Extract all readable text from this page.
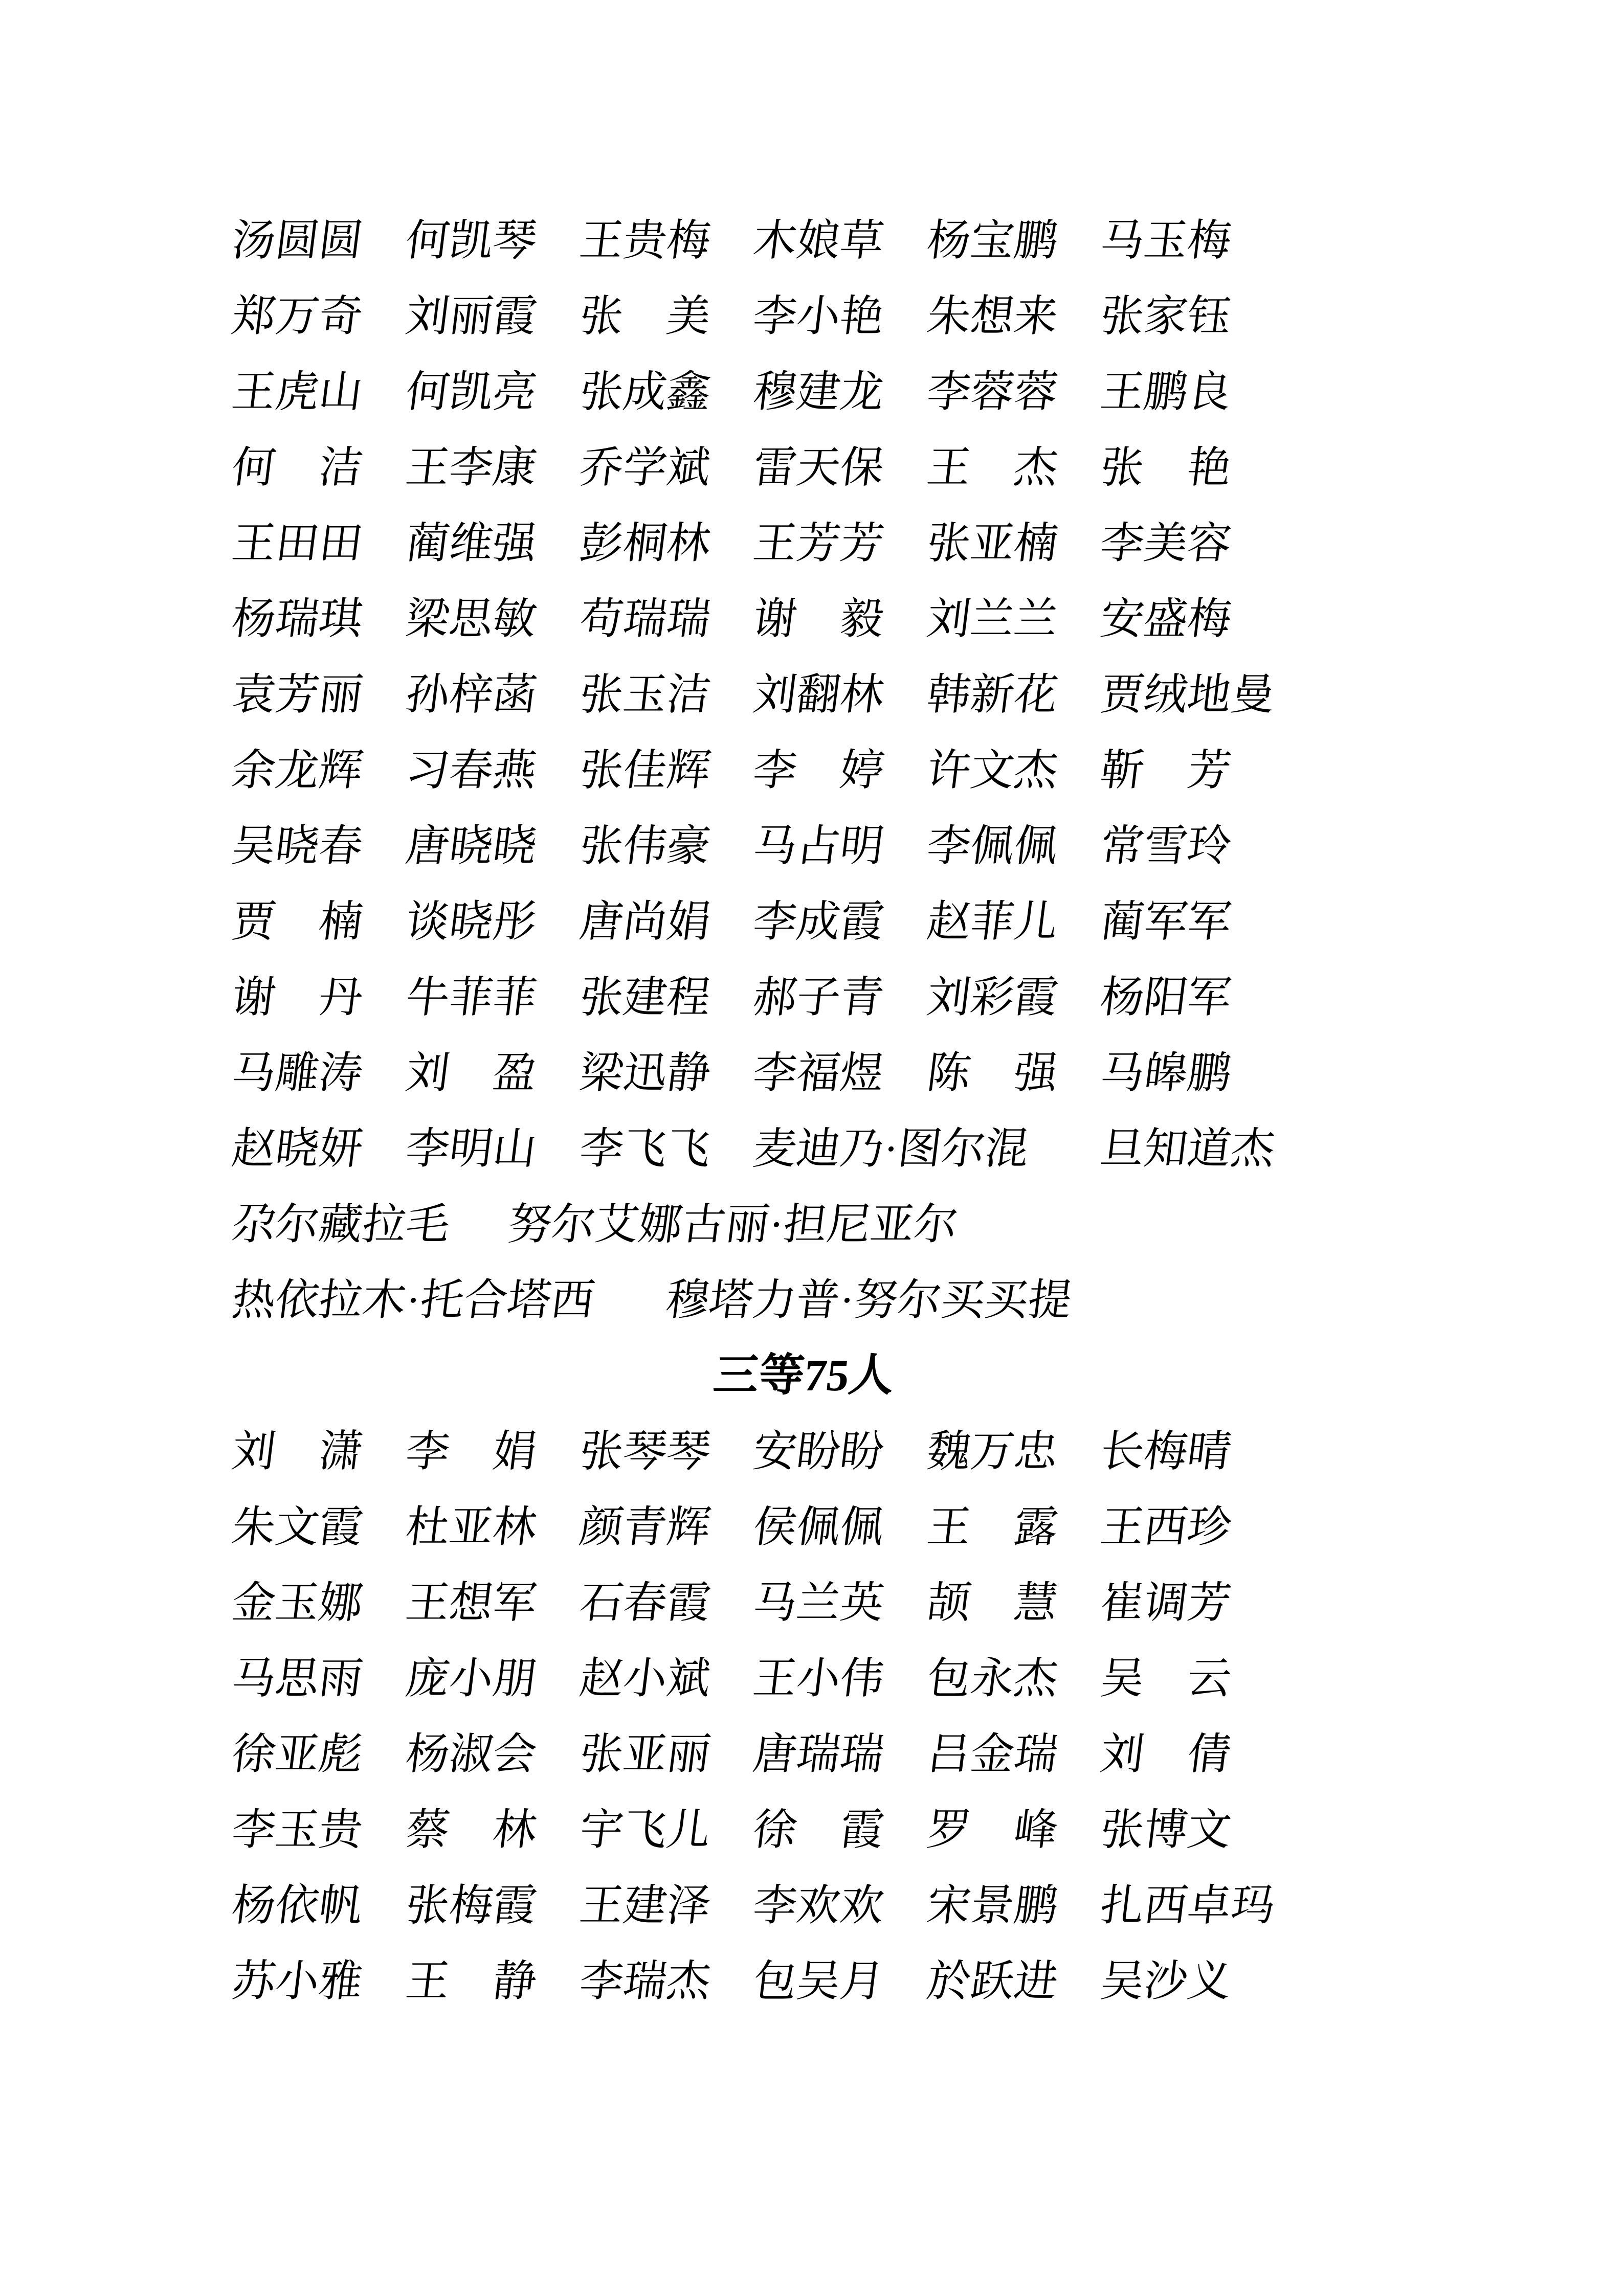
汤圆圆 何凯琴 王贵梅 木娘草 杨宝鹏 马玉梅
郑万奇 刘丽霞 张　美 李小艳 朱想来 张家钰
王虎山 何凯亮 张成鑫 穆建龙 李蓉蓉 王鹏良
何　洁 王李康 乔学斌 雷天保 王　杰 张　艳
王田田 蔺维强 彭桐林 王芳芳 张亚楠 李美容
杨瑞琪 梁思敏 苟瑞瑞 谢　毅 刘兰兰 安盛梅
袁芳丽 孙梓菡 张玉洁 刘翻林 韩新花 贾绒地曼
余龙辉 习春燕 张佳辉 李　婷 许文杰 靳　芳
吴晓春 唐晓晓 张伟豪 马占明 李佩佩 常雪玲
贾　楠 谈晓彤 唐尚娟 李成霞 赵菲儿 蔺军军
谢　丹 牛菲菲 张建程 郝子青 刘彩霞 杨阳军
马雕涛 刘　盈 梁迅静 李福煜 陈　强 马皞鹏
赵晓妍 李明山 李飞飞 麦迪乃·图尔混 旦知道杰
尕尔藏拉毛 努尔艾娜古丽·担尼亚尔
热依拉木·托合塔西 穆塔力普·努尔买买提
三等75人
刘　潇 李　娟 张琴琴 安盼盼 魏万忠 长梅晴
朱文霞 杜亚林 颜青辉 侯佩佩 王　露 王西珍
金玉娜 王想军 石春霞 马兰英 颉　慧 崔调芳
马思雨 庞小朋 赵小斌 王小伟 包永杰 吴　云
徐亚彪 杨淑会 张亚丽 唐瑞瑞 吕金瑞 刘　倩
李玉贵 蔡　林 宇飞儿 徐　霞 罗　峰 张博文
杨依帆 张梅霞 王建泽 李欢欢 宋景鹏 扎西卓玛
苏小雅 王　静 李瑞杰 包吴月 於跃进 吴沙义
